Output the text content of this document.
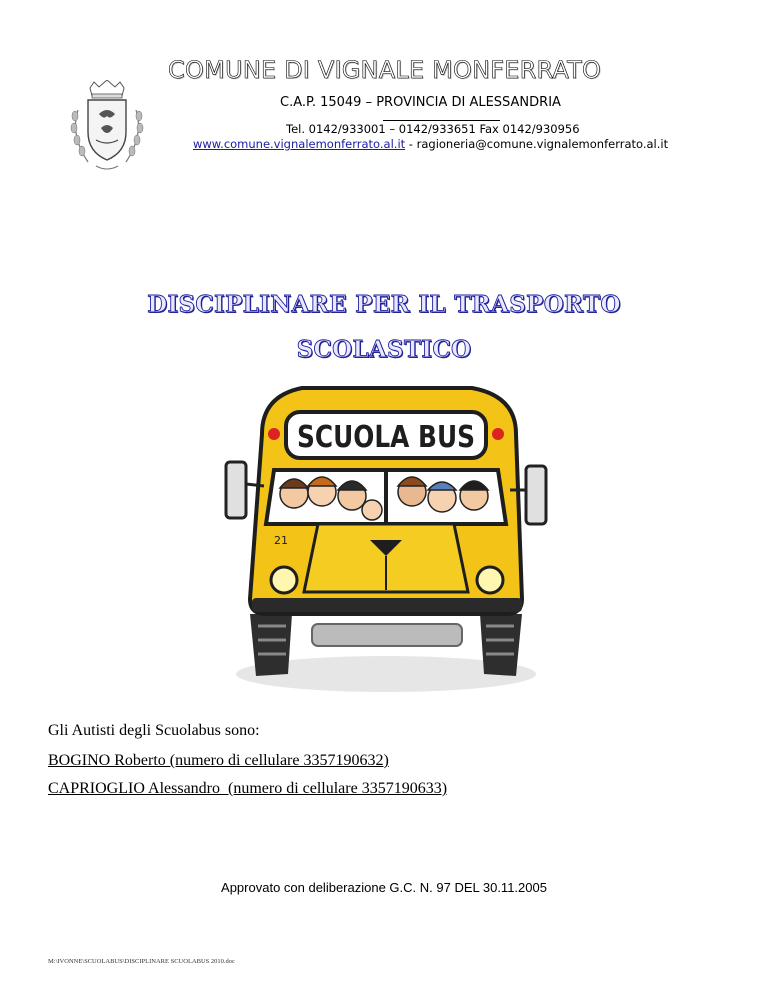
COMUNE DI VIGNALE MONFERRATO
C.A.P. 15049 – PROVINCIA DI ALESSANDRIA
Tel. 0142/933001 – 0142/933651 Fax 0142/930956
www.comune.vignalemonferrato.al.it - ragioneria@comune.vignalemonferrato.al.it
DISCIPLINARE PER IL TRASPORTO
SCOLASTICO
SCUOLA BUS
21
Gli Autisti degli Scuolabus sono:
BOGINO Roberto (numero di cellulare 3357190632)
CAPRIOGLIO Alessandro  (numero di cellulare 3357190633)
Approvato con deliberazione G.C. N. 97 DEL 30.11.2005
M:\IVONNE\SCUOLABUS\DISCIPLINARE SCUOLABUS 2010.doc
